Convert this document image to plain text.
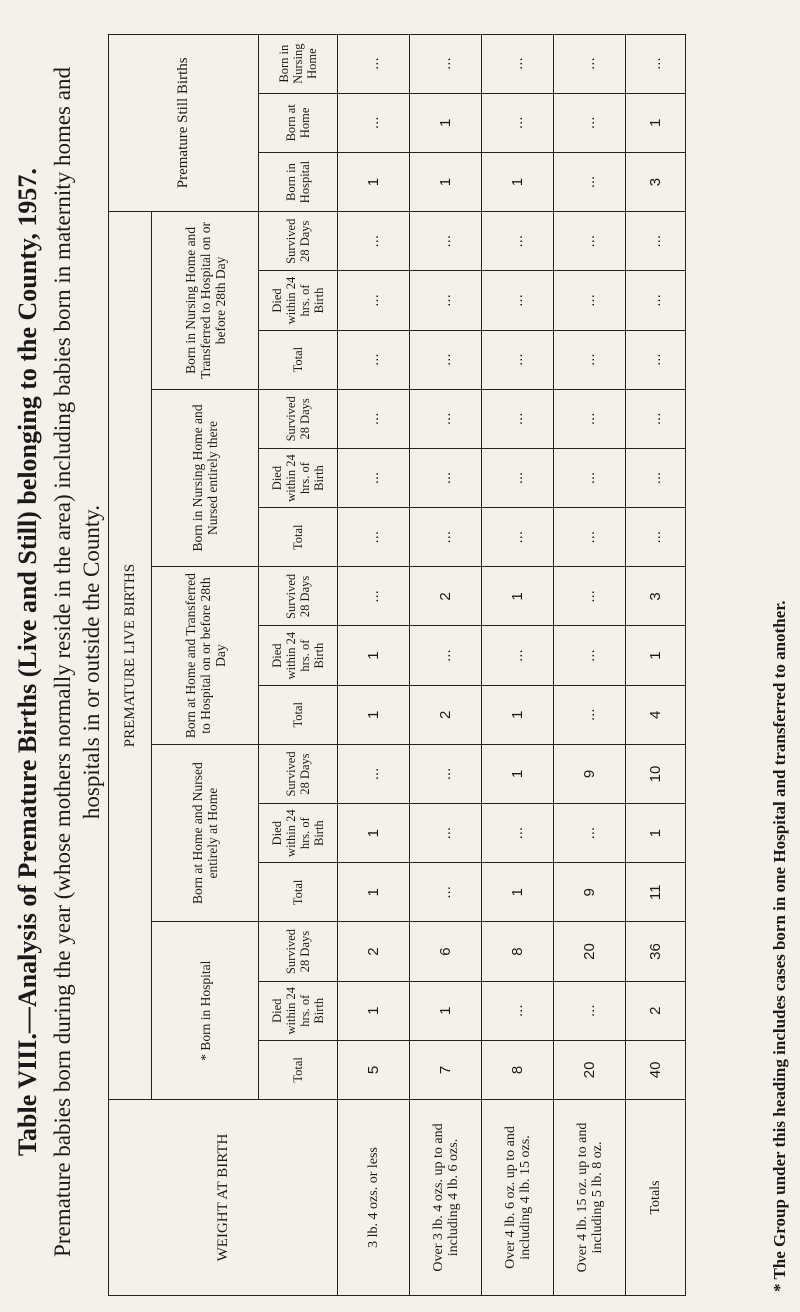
Table VIII.—Analysis of Premature Births (Live and Still) belonging to the County, 1957. Premature babies born during the year (whose mothers normally reside in the area) including babies born in maternity homes and hospitals in or outside the County.
WEIGHT AT BIRTH	PREMATURE LIVE BIRTHS															Premature Still Births		
	* Born in Hospital			Born at Home and Nursed entirely at Home			Born at Home and Transferred to Hospital on or before 28th Day			Born in Nursing Home and Nursed entirely there			Born in Nursing Home and Transferred to Hospital on or before 28th Day					
	Total	Died within 24 hrs. of Birth	Survived 28 Days	Total	Died within 24 hrs. of Birth	Survived 28 Days	Total	Died within 24 hrs. of Birth	Survived 28 Days	Total	Died within 24 hrs. of Birth	Survived 28 Days	Total	Died within 24 hrs. of Birth	Survived 28 Days	Born in Hospital	Born at Home	Born in Nursing Home
3 lb. 4 ozs. or less	5	1	2	1	1	...	1	1	...	...	...	...	...	...	...	1	...	...
Over 3 lb. 4 ozs. up to and including 4 lb. 6 ozs.	7	1	6	...	...	...	2	...	2	...	...	...	...	...	...	1	1	...
Over 4 lb. 6 oz. up to and including 4 lb. 15 ozs.	8	...	8	1	...	1	1	...	1	...	...	...	...	...	...	1	...	...
Over 4 lb. 15 oz. up to and including 5 lb. 8 oz.	20	...	20	9	...	9	...	...	...	...	...	...	...	...	...	...	...	...
Totals	40	2	36	11	1	10	4	1	3	...	...	...	...	...	...	3	1	...
* The Group under this heading includes cases born in one Hospital and transferred to another.
